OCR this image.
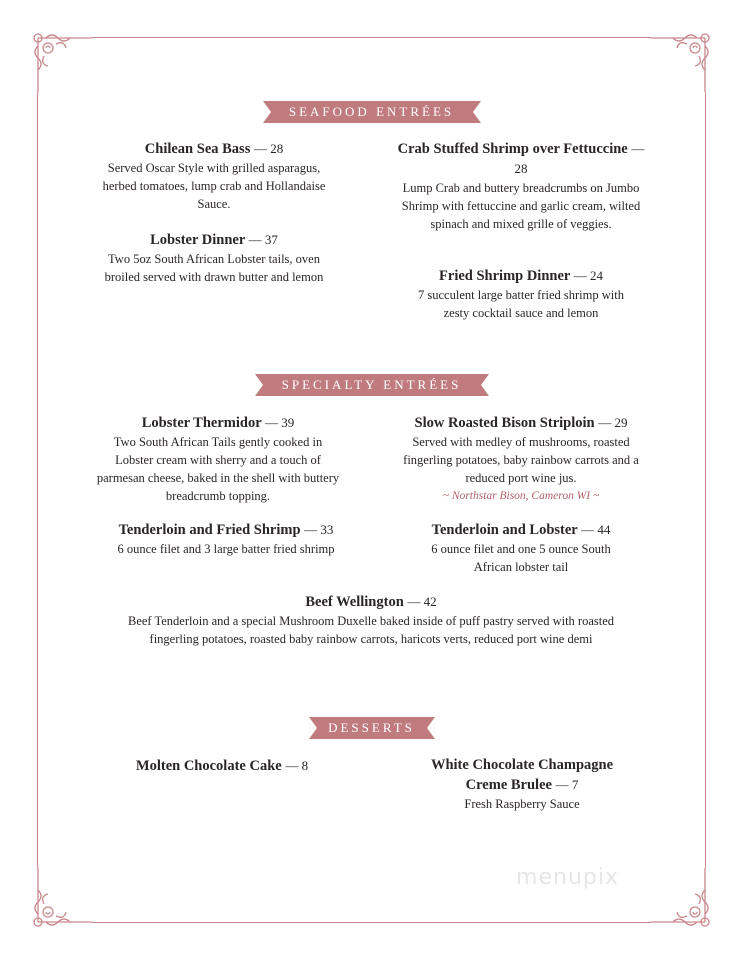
SEAFOOD ENTRÉES
Chilean Sea Bass — 28
Served Oscar Style with grilled asparagus, herbed tomatoes, lump crab and Hollandaise Sauce.
Crab Stuffed Shrimp over Fettuccine — 28
Lump Crab and buttery breadcrumbs on Jumbo Shrimp with fettuccine and garlic cream, wilted spinach and mixed grille of veggies.
Lobster Dinner — 37
Two 5oz South African Lobster tails, oven broiled served with drawn butter and lemon	Fried Shrimp Dinner — 24
7 succulent large batter fried shrimp with zesty cocktail sauce and lemon
SPECIALTY ENTRÉES
Lobster Thermidor — 39
Two South African Tails gently cooked in Lobster cream with sherry and a touch of parmesan cheese, baked in the shell with buttery breadcrumb topping.
Slow Roasted Bison Striploin — 29
Served with medley of mushrooms, roasted fingerling potatoes, baby rainbow carrots and a reduced port wine jus.
~ Northstar Bison, Cameron WI ~
Tenderloin and Fried Shrimp — 33
6 ounce filet and 3 large batter fried shrimp
Tenderloin and Lobster — 44
6 ounce filet and one 5 ounce South African lobster tail
Beef Wellington — 42
Beef Tenderloin and a special Mushroom Duxelle baked inside of puff pastry served with roasted fingerling potatoes, roasted baby rainbow carrots, haricots verts, reduced port wine demi
DESSERTS
Molten Chocolate Cake — 8	White Chocolate Champagne Creme Brulee — 7
Fresh Raspberry Sauce
menupix
